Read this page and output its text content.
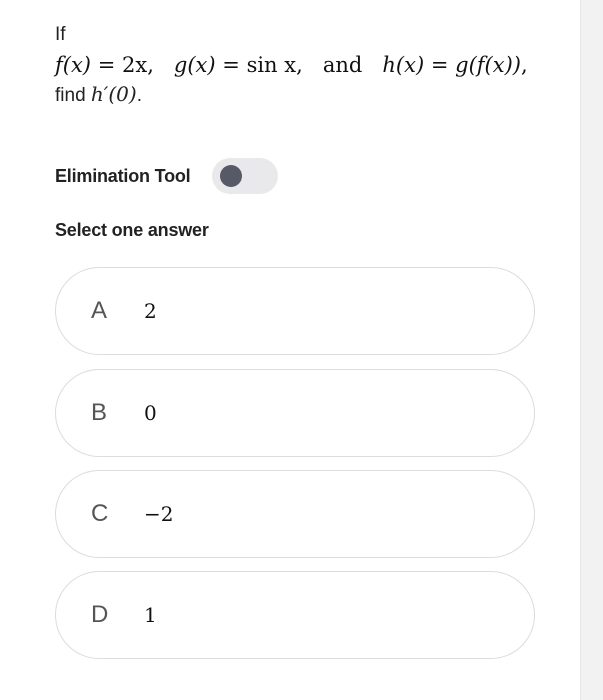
If
f(x) = 2x,   g(x) = sin x,   and h(x) = g(f(x)),
find h′(0).
Elimination Tool
Select one answer
A 2
B 0
C −2
D 1
